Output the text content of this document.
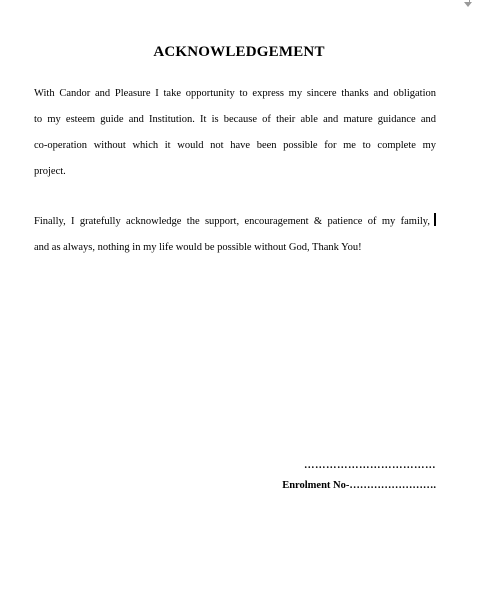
ACKNOWLEDGEMENT
With Candor and Pleasure I take opportunity to express my sincere thanks and obligation
to my esteem guide and Institution. It is because of their able and mature guidance and
co-operation without which it would not have been possible for me to complete my
project.
Finally, I gratefully acknowledge the support, encouragement & patience of my family,
and as always, nothing in my life would be possible without God, Thank You!
………………………………
Enrolment No-…………………….
